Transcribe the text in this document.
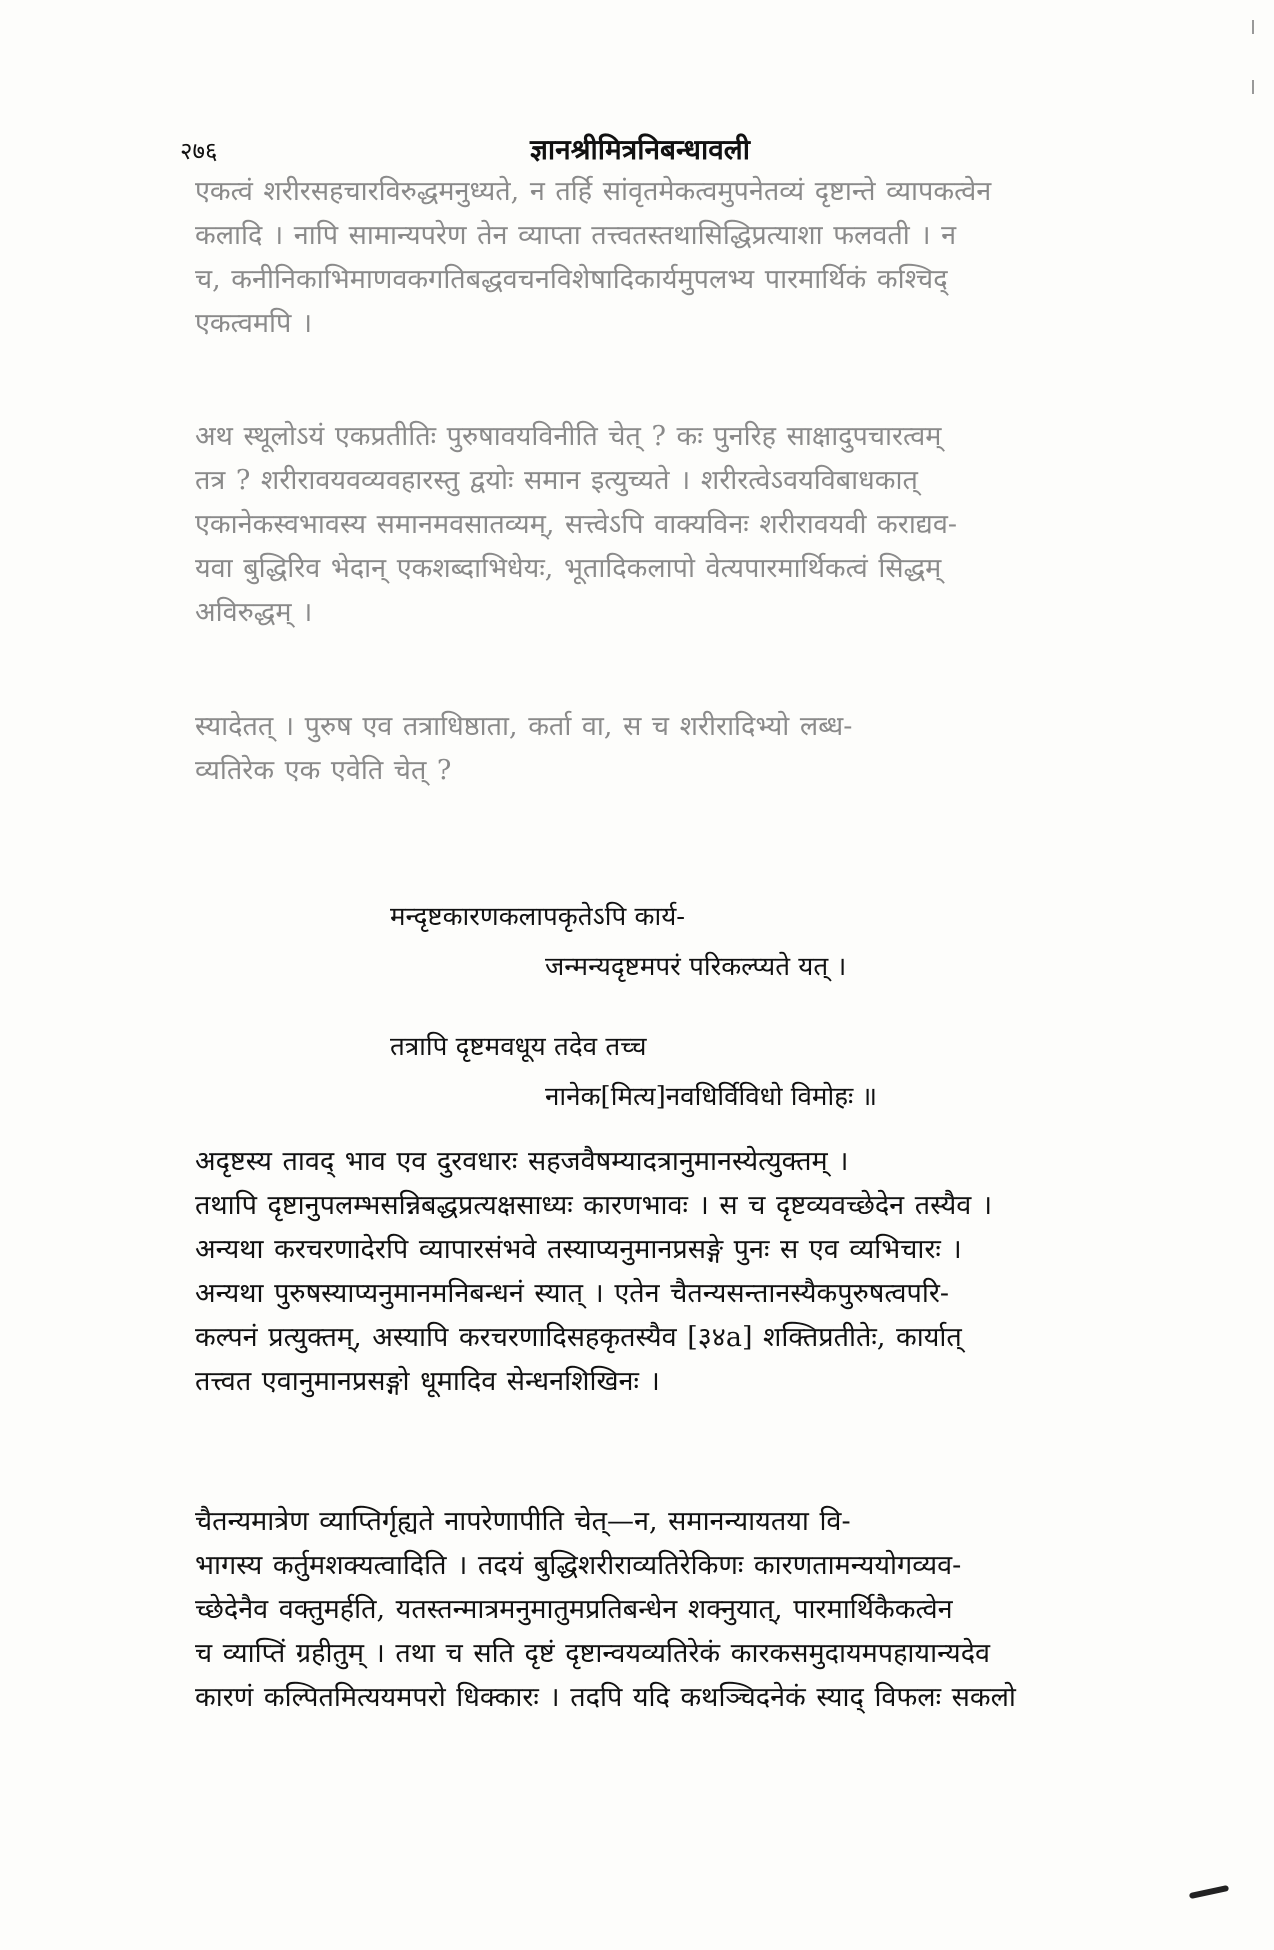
२७६	ज्ञानश्रीमित्रनिबन्धावली
एकत्वं शरीरसहचारविरुद्धमनुध्यते, न तर्हि सांवृतमेकत्वमुपनेतव्यं दृष्टान्ते व्यापकत्वेन
कलादि । नापि सामान्यपरेण तेन व्याप्ता तत्त्वतस्तथासिद्धिप्रत्याशा फलवती । न
च, कनीनिकाभिमाणवकगतिबद्धवचनविशेषादिकार्यमुपलभ्य पारमार्थिकं कश्चिद्
एकत्वमपि ।
अथ स्थूलोऽयं एकप्रतीतिः पुरुषावयविनीति चेत् ? कः पुनरिह साक्षादुपचारत्वम्
तत्र ? शरीरावयवव्यवहारस्तु द्वयोः समान इत्युच्यते । शरीरत्वेऽवयविबाधकात्
एकानेकस्वभावस्य समानमवसातव्यम्, सत्त्वेऽपि वाक्यविनः शरीरावयवी कराद्यव-
यवा बुद्धिरिव भेदान् एकशब्दाभिधेयः, भूतादिकलापो वेत्यपारमार्थिकत्वं सिद्धम्
अविरुद्धम् ।
स्यादेतत् । पुरुष एव तत्राधिष्ठाता, कर्ता वा, स च शरीरादिभ्यो लब्ध-
व्यतिरेक एक एवेति चेत् ?
अदृष्टस्य तावद् भाव एव दुरवधारः सहजवैषम्यादत्रानुमानस्येत्युक्तम् ।
तथापि दृष्टानुपलम्भसन्निबद्धप्रत्यक्षसाध्यः कारणभावः । स च दृष्टव्यवच्छेदेन तस्यैव ।
अन्यथा करचरणादेरपि व्यापारसंभवे तस्याप्यनुमानप्रसङ्गे पुनः स एव व्यभिचारः ।
अन्यथा पुरुषस्याप्यनुमानमनिबन्धनं स्यात् । एतेन चैतन्यसन्तानस्यैकपुरुषत्वपरि-
कल्पनं प्रत्युक्तम्, अस्यापि करचरणादिसहकृतस्यैव [३४a] शक्तिप्रतीतेः, कार्यात्
तत्त्वत एवानुमानप्रसङ्गो धूमादिव सेन्धनशिखिनः ।
चैतन्यमात्रेण व्याप्तिर्गृह्यते नापरेणापीति चेत्—न, समानन्यायतया वि-
भागस्य कर्तुमशक्यत्वादिति । तदयं बुद्धिशरीराव्यतिरेकिणः कारणतामन्ययोगव्यव-
च्छेदेनैव वक्तुमर्हति, यतस्तन्मात्रमनुमातुमप्रतिबन्धेन शक्नुयात्, पारमार्थिकैकत्वेन
च व्याप्तिं ग्रहीतुम् । तथा च सति दृष्टं दृष्टान्वयव्यतिरेकं कारकसमुदायमपहायान्यदेव
कारणं कल्पितमित्ययमपरो धिक्कारः । तदपि यदि कथञ्चिदनेकं स्याद् विफलः सकलो
मन्दृष्टकारणकलापकृतेऽपि कार्य-
जन्मन्यदृष्टमपरं परिकल्प्यते यत् ।
तत्रापि दृष्टमवधूय तदेव तच्च
नानेक[मित्य]नवधिर्विविधो विमोहः ॥
